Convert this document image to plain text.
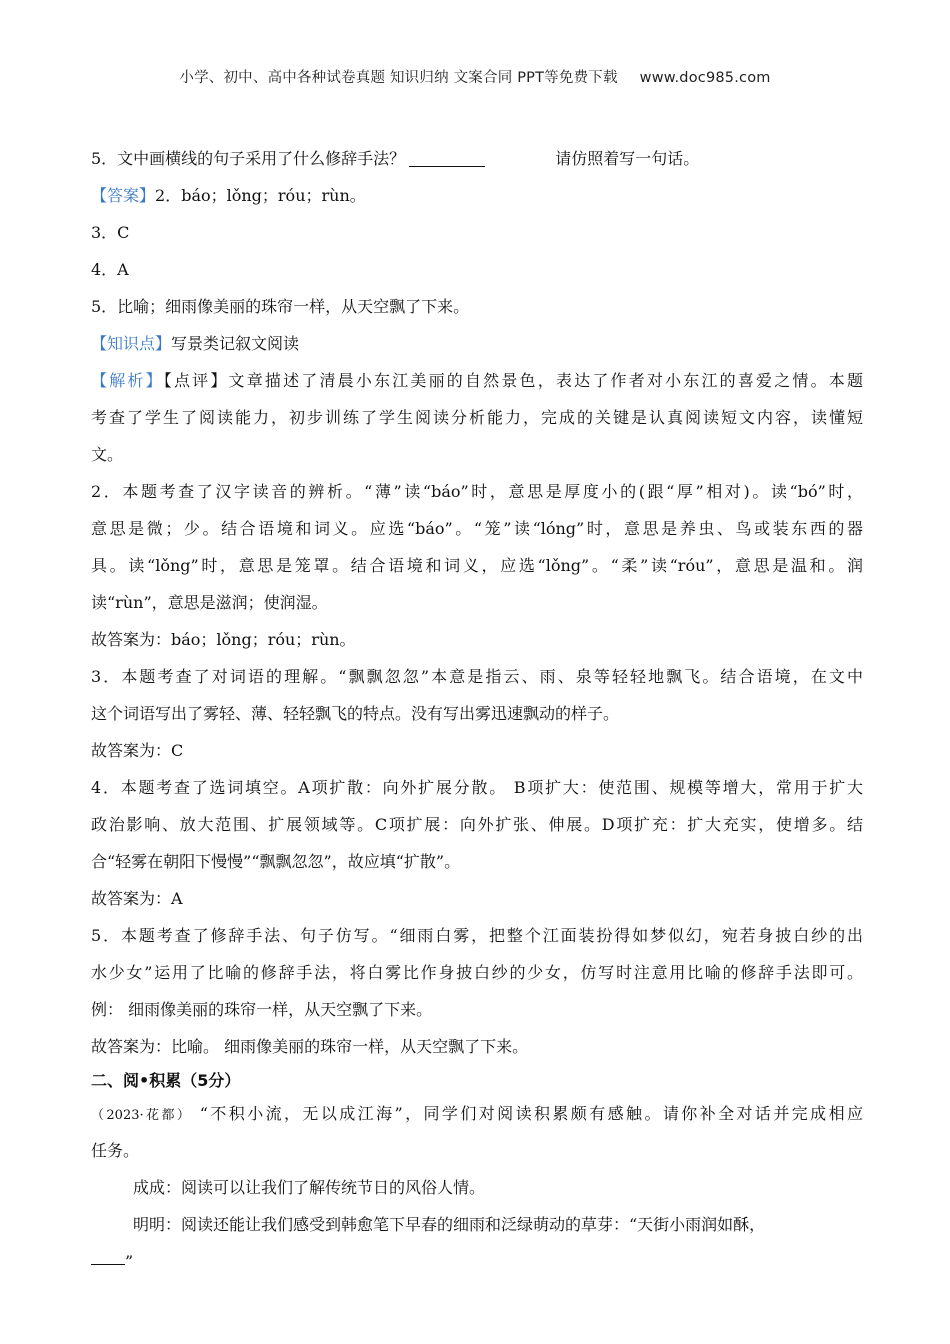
小学、初中、高中各种试卷真题 知识归纳 文案合同 PPT等免费下载 www.doc985.com
5．文中画横线的句子采用了什么修辞手法？	请仿照着写一句话。
【答案】2．báo；lǒng；róu；rùn。
3．C
4．A
5．比喻；细雨像美丽的珠帘一样，从天空飘了下来。
【知识点】写景类记叙文阅读
【解析】【点评】文章描述了清晨小东江美丽的自然景色，表达了作者对小东江的喜爱之情。本题
考查了学生了阅读能力，初步训练了学生阅读分析能力，完成的关键是认真阅读短文内容，读懂短
文。
2．本题考查了汉字读音的辨析。“薄”读“báo”时，意思是厚度小的(跟“厚”相对)。读“bó”时，
意思是微；少。结合语境和词义。应选“báo”。“笼”读“lóng”时，意思是养虫、鸟或装东西的器
具。读“lǒng”时，意思是笼罩。结合语境和词义，应选“lǒng”。“柔”读“róu”，意思是温和。润
读“rùn”，意思是滋润；使润湿。
故答案为：báo；lǒng；róu；rùn。
3．本题考查了对词语的理解。“飘飘忽忽”本意是指云、雨、泉等轻轻地飘飞。结合语境，在文中
这个词语写出了雾轻、薄、轻轻飘飞的特点。没有写出雾迅速飘动的样子。
故答案为：C
4．本题考查了选词填空。A项扩散：向外扩展分散。 B项扩大：使范围、规模等增大，常用于扩大
政治影响、放大范围、扩展领域等。C项扩展：向外扩张、伸展。D项扩充：扩大充实，使增多。结
合“轻雾在朝阳下慢慢”“飘飘忽忽”，故应填“扩散”。
故答案为：A
5．本题考查了修辞手法、句子仿写。“细雨白雾，把整个江面装扮得如梦似幻，宛若身披白纱的出
水少女”运用了比喻的修辞手法，将白雾比作身披白纱的少女，仿写时注意用比喻的修辞手法即可。
例： 细雨像美丽的珠帘一样，从天空飘了下来。
故答案为：比喻。 细雨像美丽的珠帘一样，从天空飘了下来。
二、阅•积累（5分）
（2023·花都） “不积小流，无以成江海”，同学们对阅读积累颇有感触。请你补全对话并完成相应
任务。
成成：阅读可以让我们了解传统节日的风俗人情。
明明：阅读还能让我们感受到韩愈笔下早春的细雨和泛绿萌动的草芽：“天街小雨润如酥，
”
